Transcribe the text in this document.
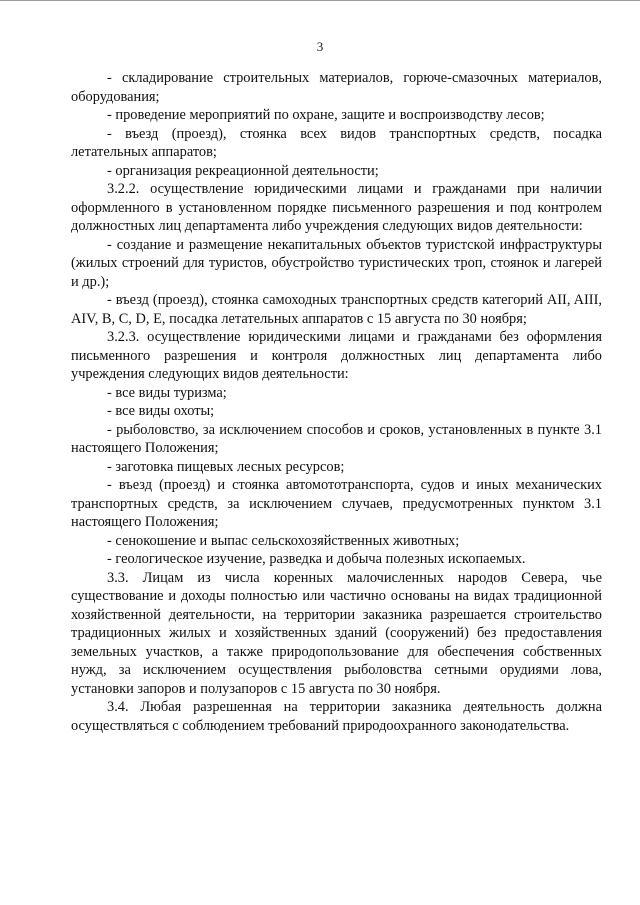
3

- складирование строительных материалов, горюче-смазочных материалов, оборудования;

- проведение мероприятий по охране, защите и воспроизводству лесов;

- въезд (проезд), стоянка всех видов транспортных средств, посадка летательных аппаратов;

- организация рекреационной деятельности;

3.2.2. осуществление юридическими лицами и гражданами при наличии оформленного в установленном порядке письменного разрешения и под контролем должностных лиц департамента либо учреждения следующих видов деятельности:

- создание и размещение некапитальных объектов туристской инфраструктуры (жилых строений для туристов, обустройство туристических троп, стоянок и лагерей и др.);

- въезд (проезд), стоянка самоходных транспортных средств категорий AII, AIII, AIV, B, C, D, E, посадка летательных аппаратов с 15 августа по 30 ноября;

3.2.3. осуществление юридическими лицами и гражданами без оформления письменного разрешения и контроля должностных лиц департамента либо учреждения следующих видов деятельности:

- все виды туризма;

- все виды охоты;

- рыболовство, за исключением способов и сроков, установленных в пункте 3.1 настоящего Положения;

- заготовка пищевых лесных ресурсов;

- въезд (проезд) и стоянка автомототранспорта, судов и иных механических транспортных средств, за исключением случаев, предусмотренных пунктом 3.1 настоящего Положения;

- сенокошение и выпас сельскохозяйственных животных;

- геологическое изучение, разведка и добыча полезных ископаемых.

3.3. Лицам из числа коренных малочисленных народов Севера, чье существование и доходы полностью или частично основаны на видах традиционной хозяйственной деятельности, на территории заказника разрешается строительство традиционных жилых и хозяйственных зданий (сооружений) без предоставления земельных участков, а также природопользование для обеспечения собственных нужд, за исключением осуществления рыболовства сетными орудиями лова, установки запоров и полузапоров с 15 августа по 30 ноября.

3.4. Любая разрешенная на территории заказника деятельность должна осуществляться с соблюдением требований природоохранного законодательства.
